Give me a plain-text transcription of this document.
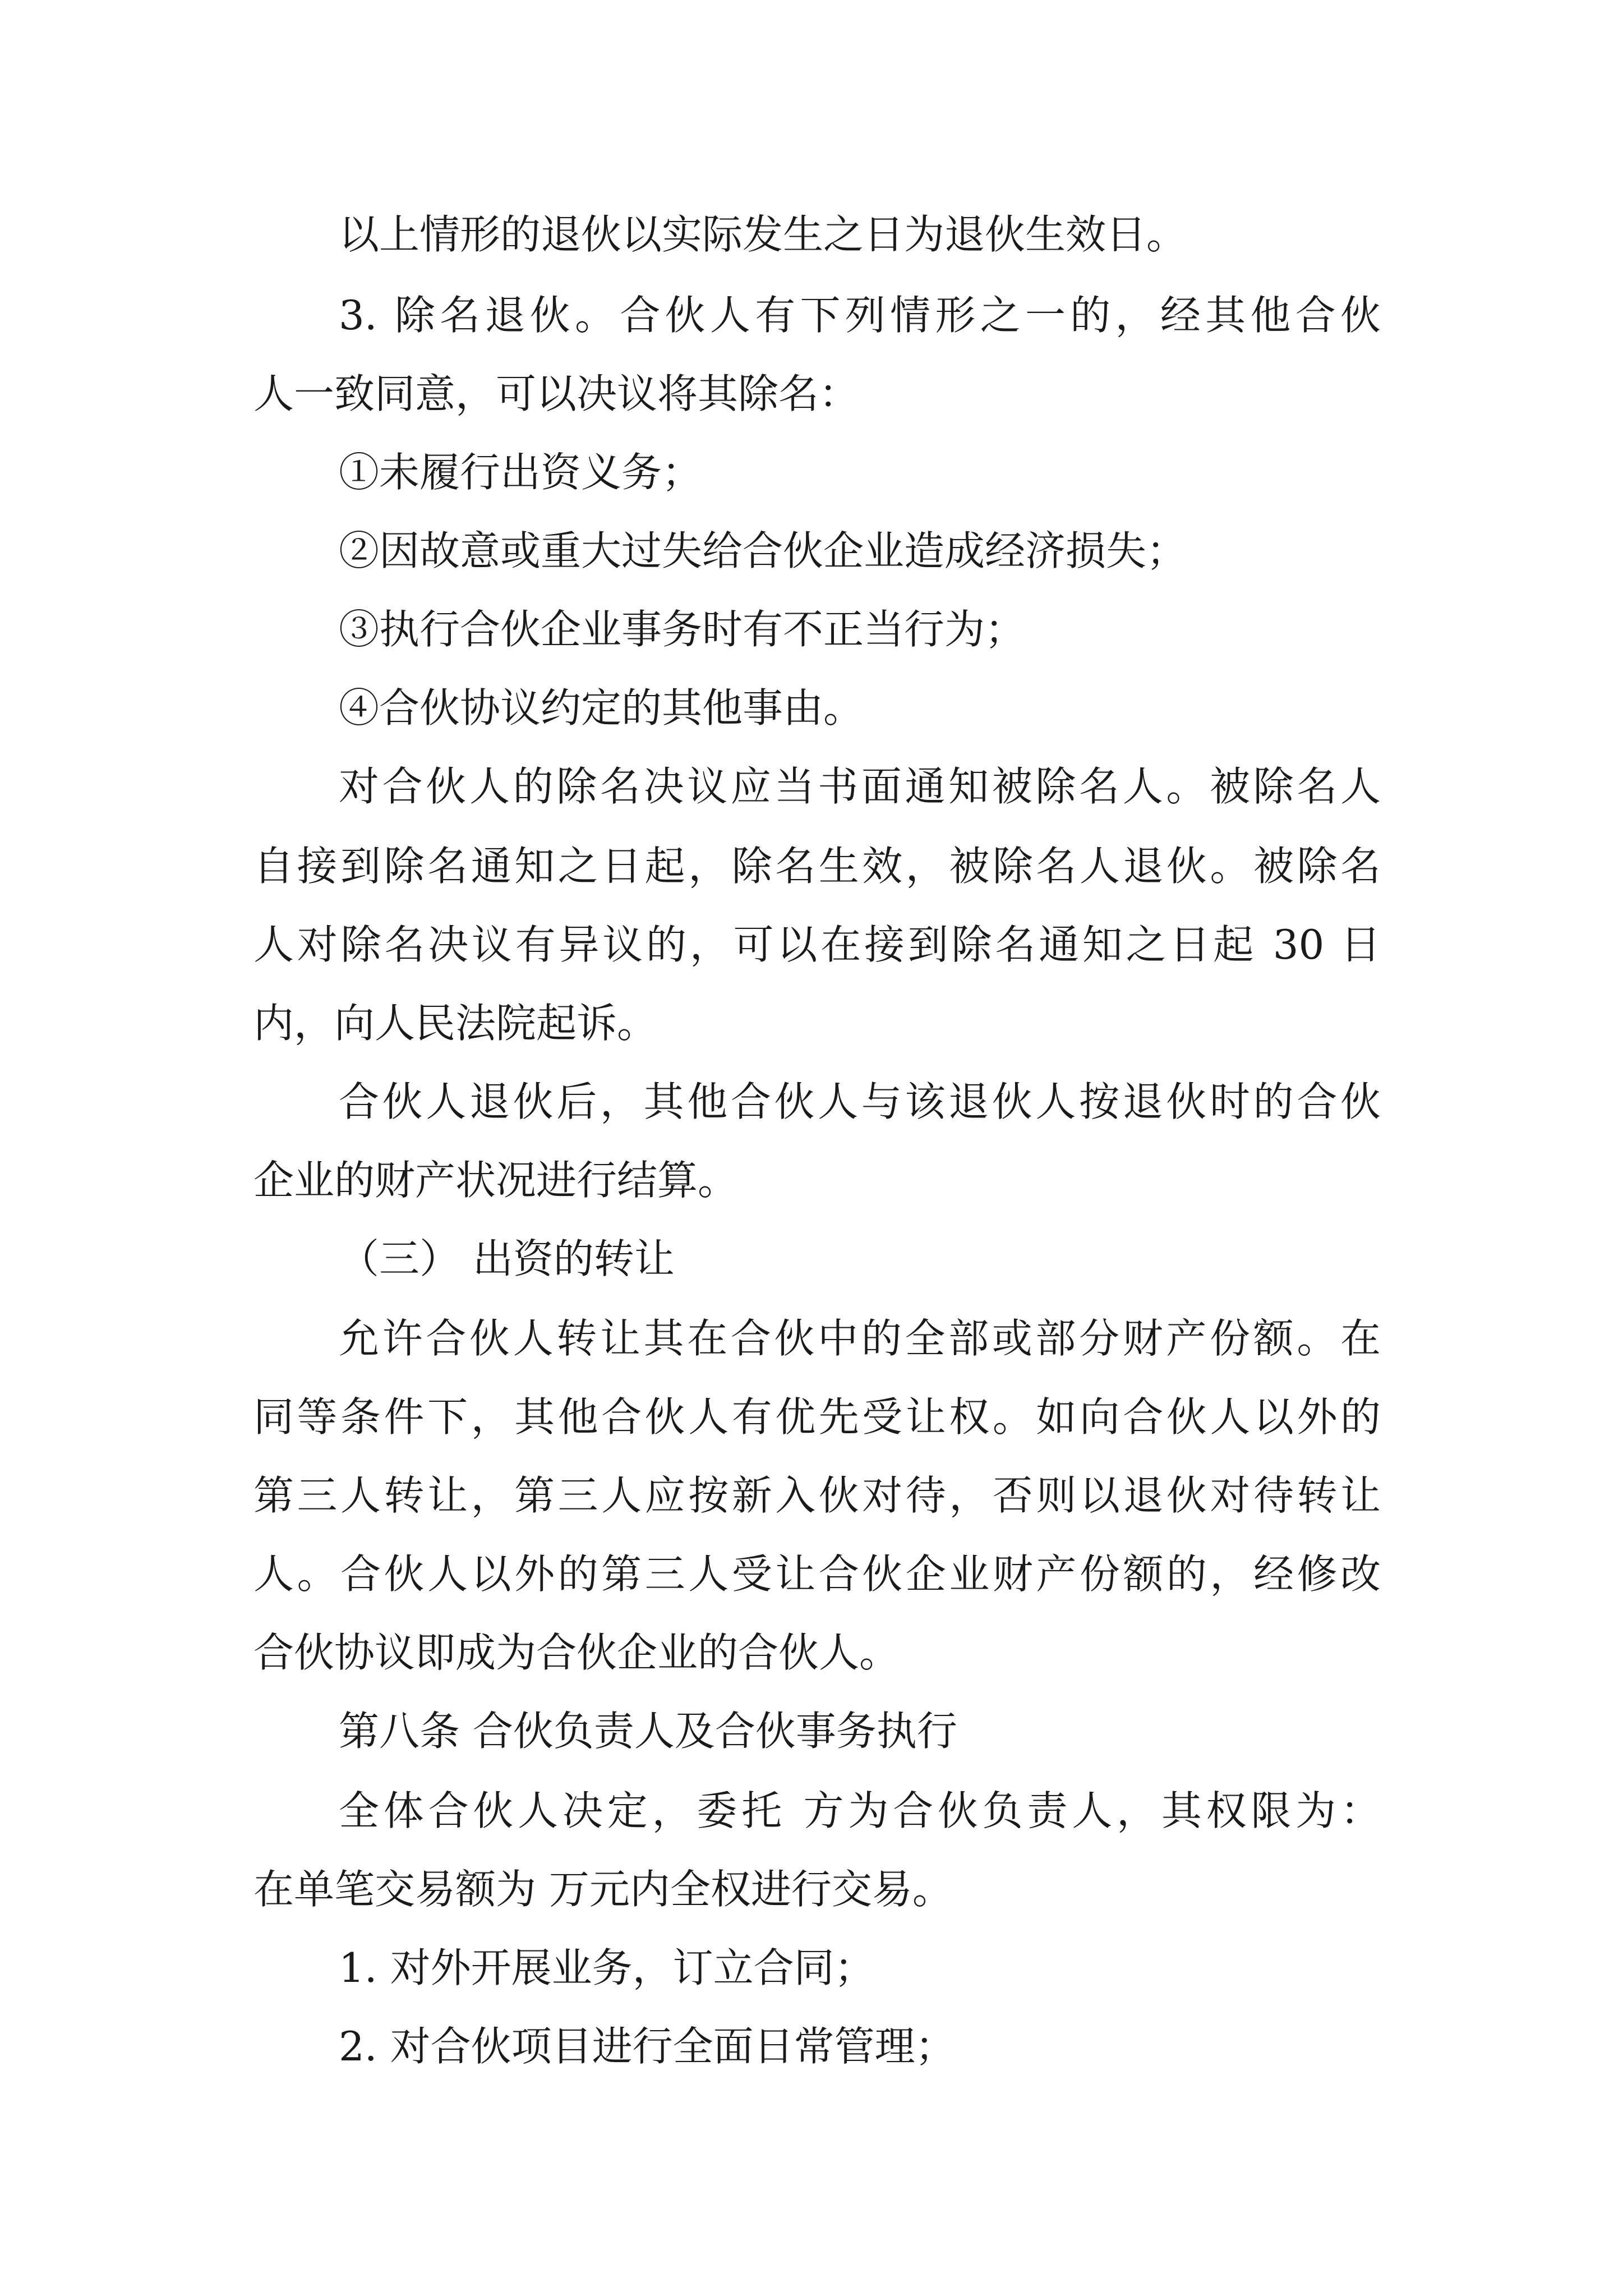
以上情形的退伙以实际发生之日为退伙生效日。

3. 除名退伙。合伙人有下列情形之一的，经其他合伙

人一致同意，可以决议将其除名：

①未履行出资义务；

②因故意或重大过失给合伙企业造成经济损失；

③执行合伙企业事务时有不正当行为；

④合伙协议约定的其他事由。

对合伙人的除名决议应当书面通知被除名人。被除名人

自接到除名通知之日起，除名生效，被除名人退伙。被除名

人对除名决议有异议的，可以在接到除名通知之日起 30 日

内，向人民法院起诉。

合伙人退伙后，其他合伙人与该退伙人按退伙时的合伙

企业的财产状况进行结算。

（三） 出资的转让

允许合伙人转让其在合伙中的全部或部分财产份额。在

同等条件下，其他合伙人有优先受让权。如向合伙人以外的

第三人转让，第三人应按新入伙对待，否则以退伙对待转让

人。合伙人以外的第三人受让合伙企业财产份额的，经修改

合伙协议即成为合伙企业的合伙人。

第八条 合伙负责人及合伙事务执行

全体合伙人决定，委托 方为合伙负责人，其权限为：

在单笔交易额为 万元内全权进行交易。

1. 对外开展业务，订立合同；

2. 对合伙项目进行全面日常管理；
